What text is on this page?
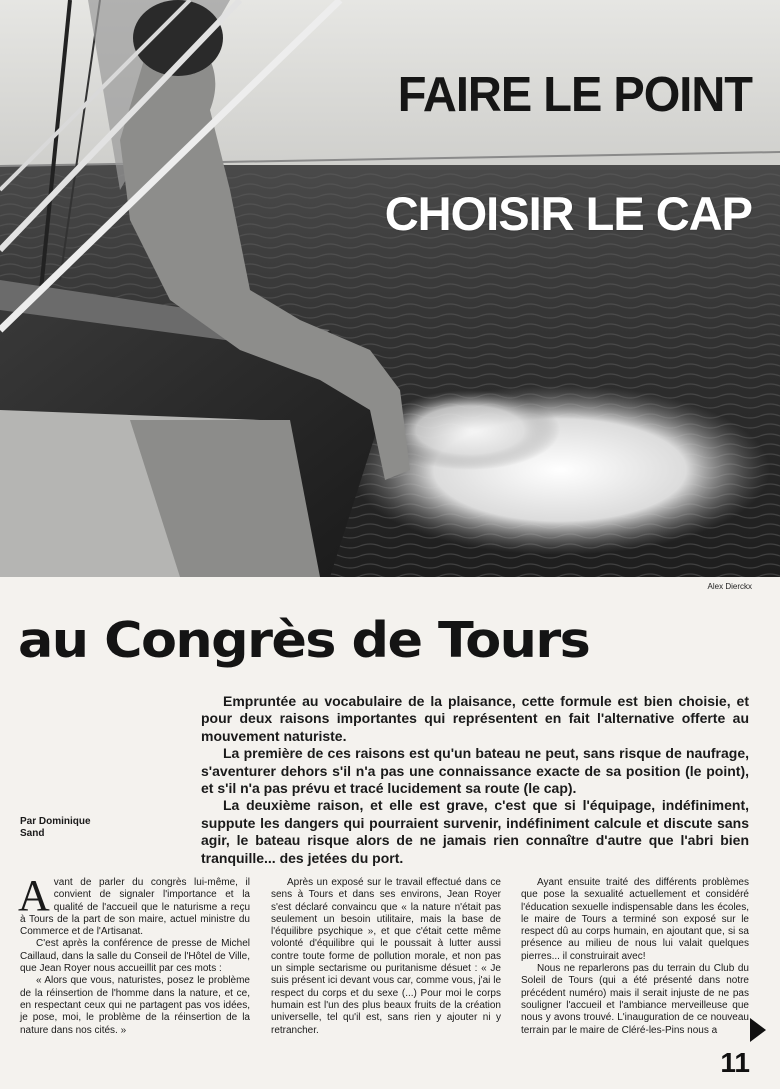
FAIRE LE POINT
CHOISIR LE CAP
Alex Dierckx
au Congrès de Tours

Empruntée au vocabulaire de la plaisance, cette formule est bien choisie, et pour deux raisons importantes qui représentent en fait l'alternative offerte au mouvement naturiste.

La première de ces raisons est qu'un bateau ne peut, sans risque de naufrage, s'aventurer dehors s'il n'a pas une connaissance exacte de sa position (le point), et s'il n'a pas prévu et tracé lucidement sa route (le cap).

La deuxième raison, et elle est grave, c'est que si l'équipage, indéfiniment, suppute les dangers qui pourraient survenir, indéfiniment calcule et discute sans agir, le bateau risque alors de ne jamais rien connaître d'autre que l'abri bien tranquille... des jetées du port.

Par Dominique
Sand

Avant de parler du congrès lui-même, il convient de signaler l'importance et la qualité de l'accueil que le naturisme a reçu à Tours de la part de son maire, actuel ministre du Commerce et de l'Artisanat.

C'est après la conférence de presse de Michel Caillaud, dans la salle du Conseil de l'Hôtel de Ville, que Jean Royer nous accueillit par ces mots :

« Alors que vous, naturistes, posez le problème de la réinsertion de l'homme dans la nature, et ce, en respectant ceux qui ne partagent pas vos idées, je pose, moi, le problème de la réinsertion de la nature dans nos cités. »

Après un exposé sur le travail effectué dans ce sens à Tours et dans ses environs, Jean Royer s'est déclaré convaincu que « la nature n'était pas seulement un besoin utilitaire, mais la base de l'équilibre psychique », et que c'était cette même volonté d'équilibre qui le poussait à lutter aussi contre toute forme de pollution morale, et non pas un simple sectarisme ou puritanisme désuet : « Je suis présent ici devant vous car, comme vous, j'ai le respect du corps et du sexe (...) Pour moi le corps humain est l'un des plus beaux fruits de la création universelle, tel qu'il est, sans rien y ajouter ni y retrancher.

Ayant ensuite traité des différents problèmes que pose la sexualité actuellement et considéré l'éducation sexuelle indispensable dans les écoles, le maire de Tours a terminé son exposé sur le respect dû au corps humain, en ajoutant que, si sa présence au milieu de nous lui valait quelques pierres... il construirait avec!

Nous ne reparlerons pas du terrain du Club du Soleil de Tours (qui a été présenté dans notre précédent numéro) mais il serait injuste de ne pas souligner l'accueil et l'ambiance merveilleuse que nous y avons trouvé. L'inauguration de ce nouveau terrain par le maire de Cléré-les-Pins nous a

11
